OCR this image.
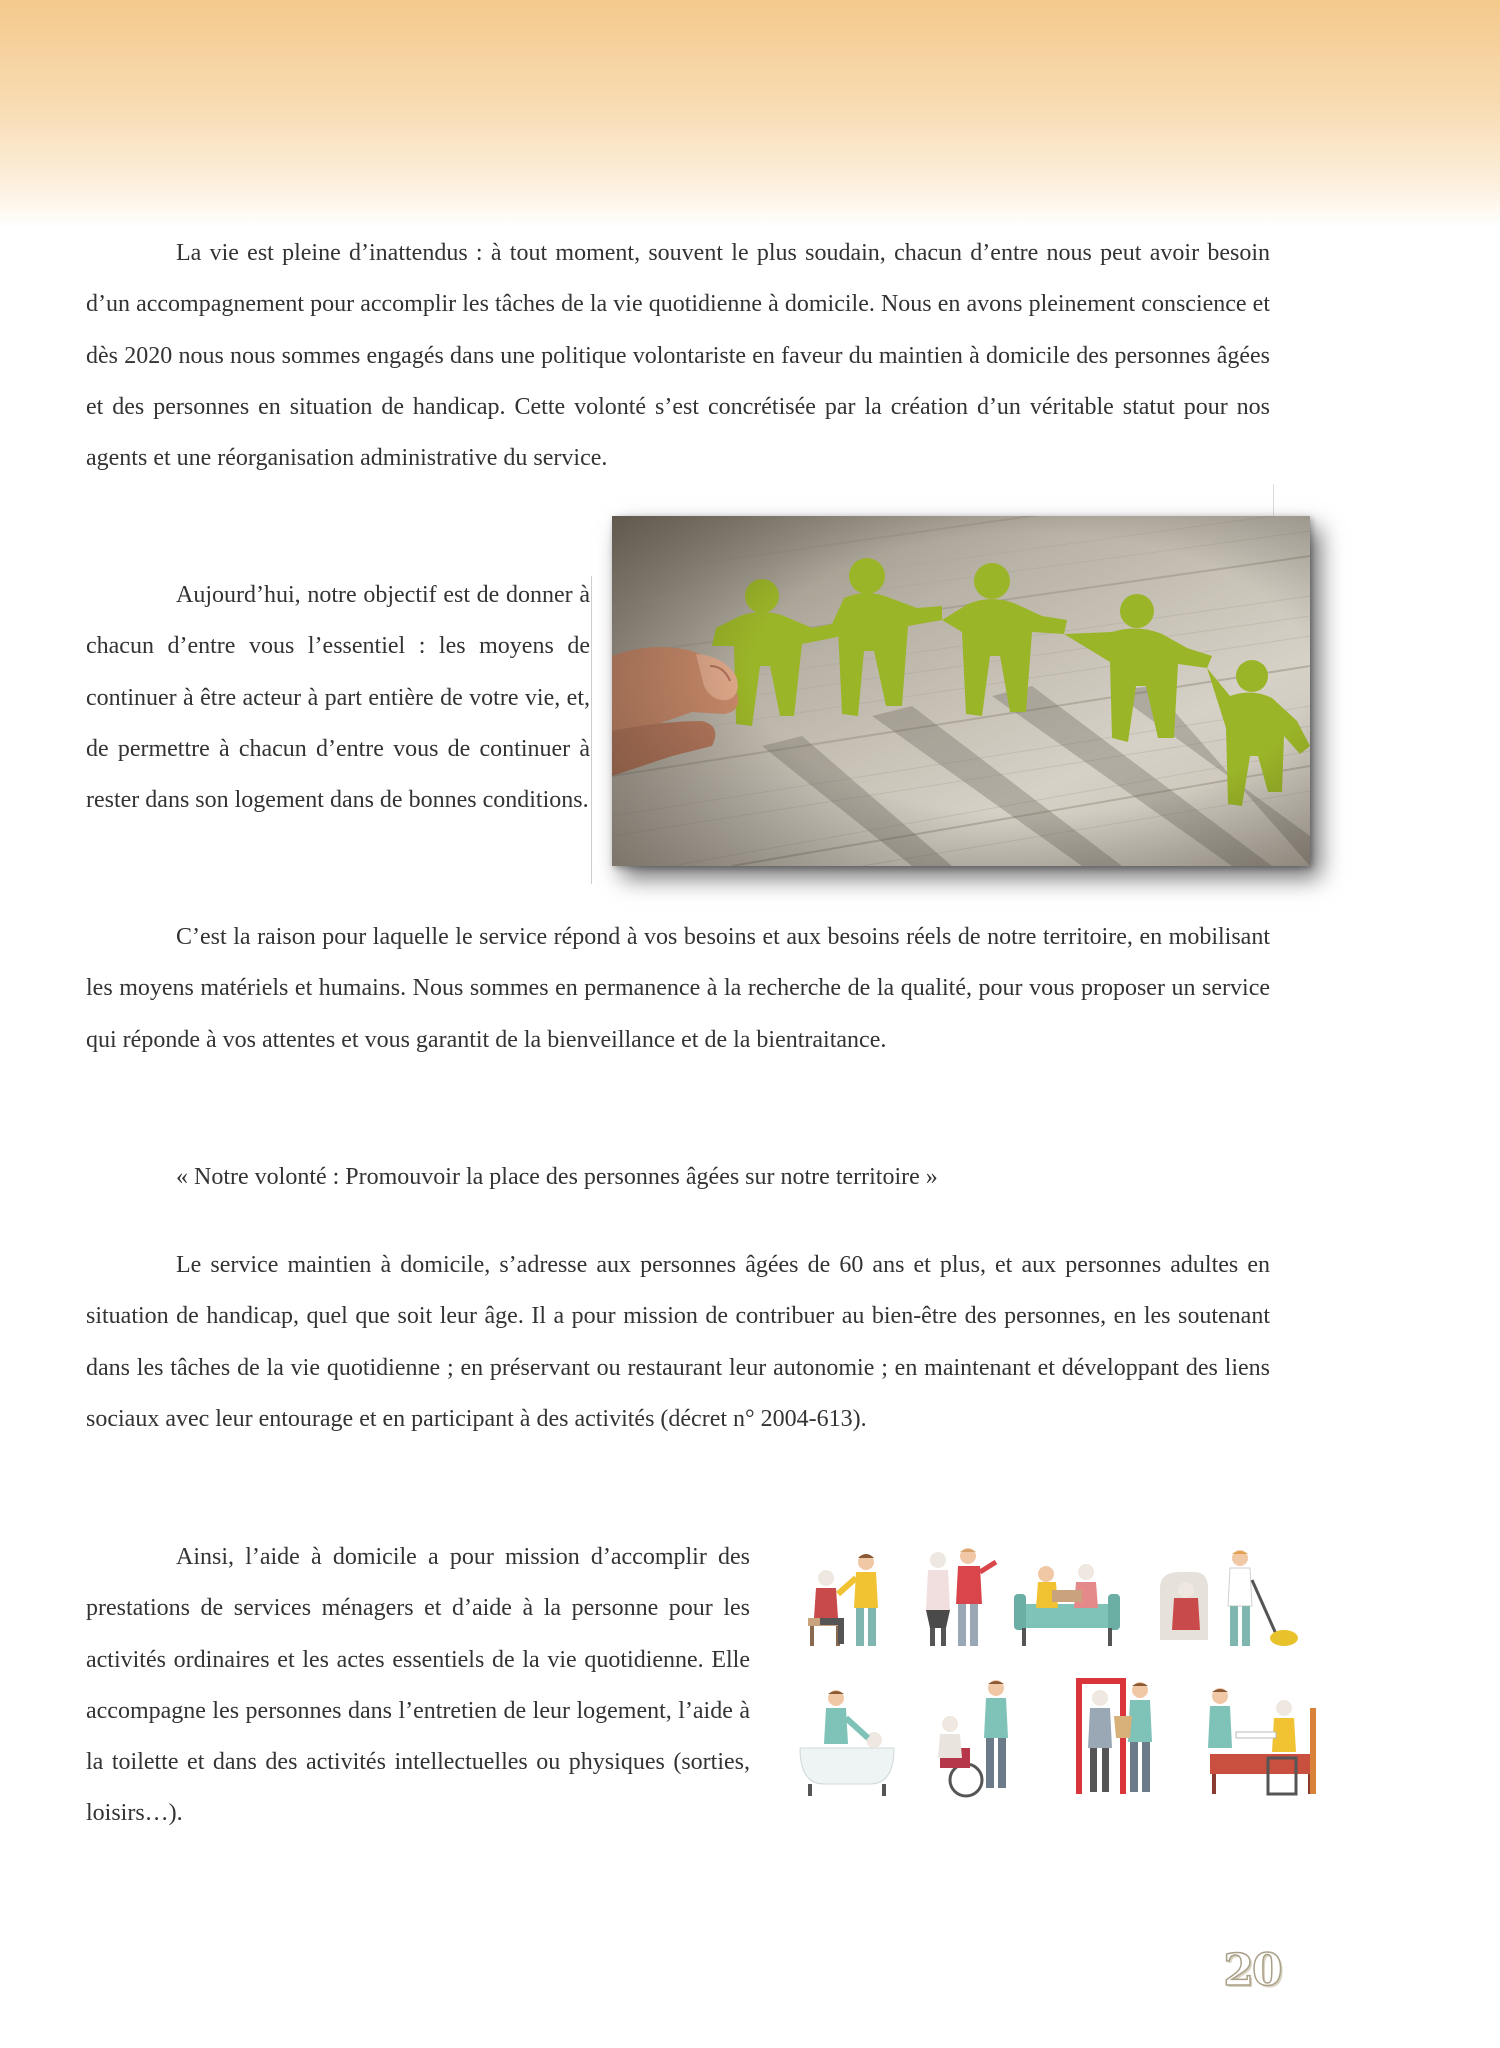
La vie est pleine d’inattendus : à tout moment, souvent le plus soudain, chacun d’entre nous peut avoir besoin d’un accompagnement pour accomplir les tâches de la vie quotidienne à domicile. Nous en avons pleinement conscience et dès 2020 nous nous sommes engagés dans une politique volontariste en faveur du maintien à domicile des personnes âgées et des personnes en situation de handicap. Cette volonté s’est concrétisée par la création d’un véritable statut pour nos agents et une réorganisation administrative du service.

Aujourd’hui, notre objectif est de donner à chacun d’entre vous l’essentiel : les moyens de continuer à être acteur à part entière de votre vie, et, de permettre à chacun d’entre vous de continuer à rester dans son logement dans de bonnes conditions.

C’est la raison pour laquelle le service répond à vos besoins et aux besoins réels de notre territoire, en mobilisant les moyens matériels et humains. Nous sommes en permanence à la recherche de la qualité, pour vous proposer un service qui réponde à vos attentes et vous garantit de la bienveillance et de la bientraitance.

« Notre volonté : Promouvoir la place des personnes âgées sur notre territoire »

Le service maintien à domicile, s’adresse aux personnes âgées de 60 ans et plus, et aux personnes adultes en situation de handicap, quel que soit leur âge. Il a pour mission de contribuer au bien-être des personnes, en les soutenant dans les tâches de la vie quotidienne ; en préservant ou restaurant leur autonomie ; en maintenant et développant des liens sociaux avec leur entourage et en participant à des activités (décret n° 2004-613).

Ainsi, l’aide à domicile a pour mission d’accomplir des prestations de services ménagers et d’aide à la personne pour les activités ordinaires et les actes essentiels de la vie quotidienne. Elle accompagne les personnes dans l’entretien de leur logement, l’aide à la toilette et dans des activités intellectuelles ou physiques (sorties, loisirs…).

20
